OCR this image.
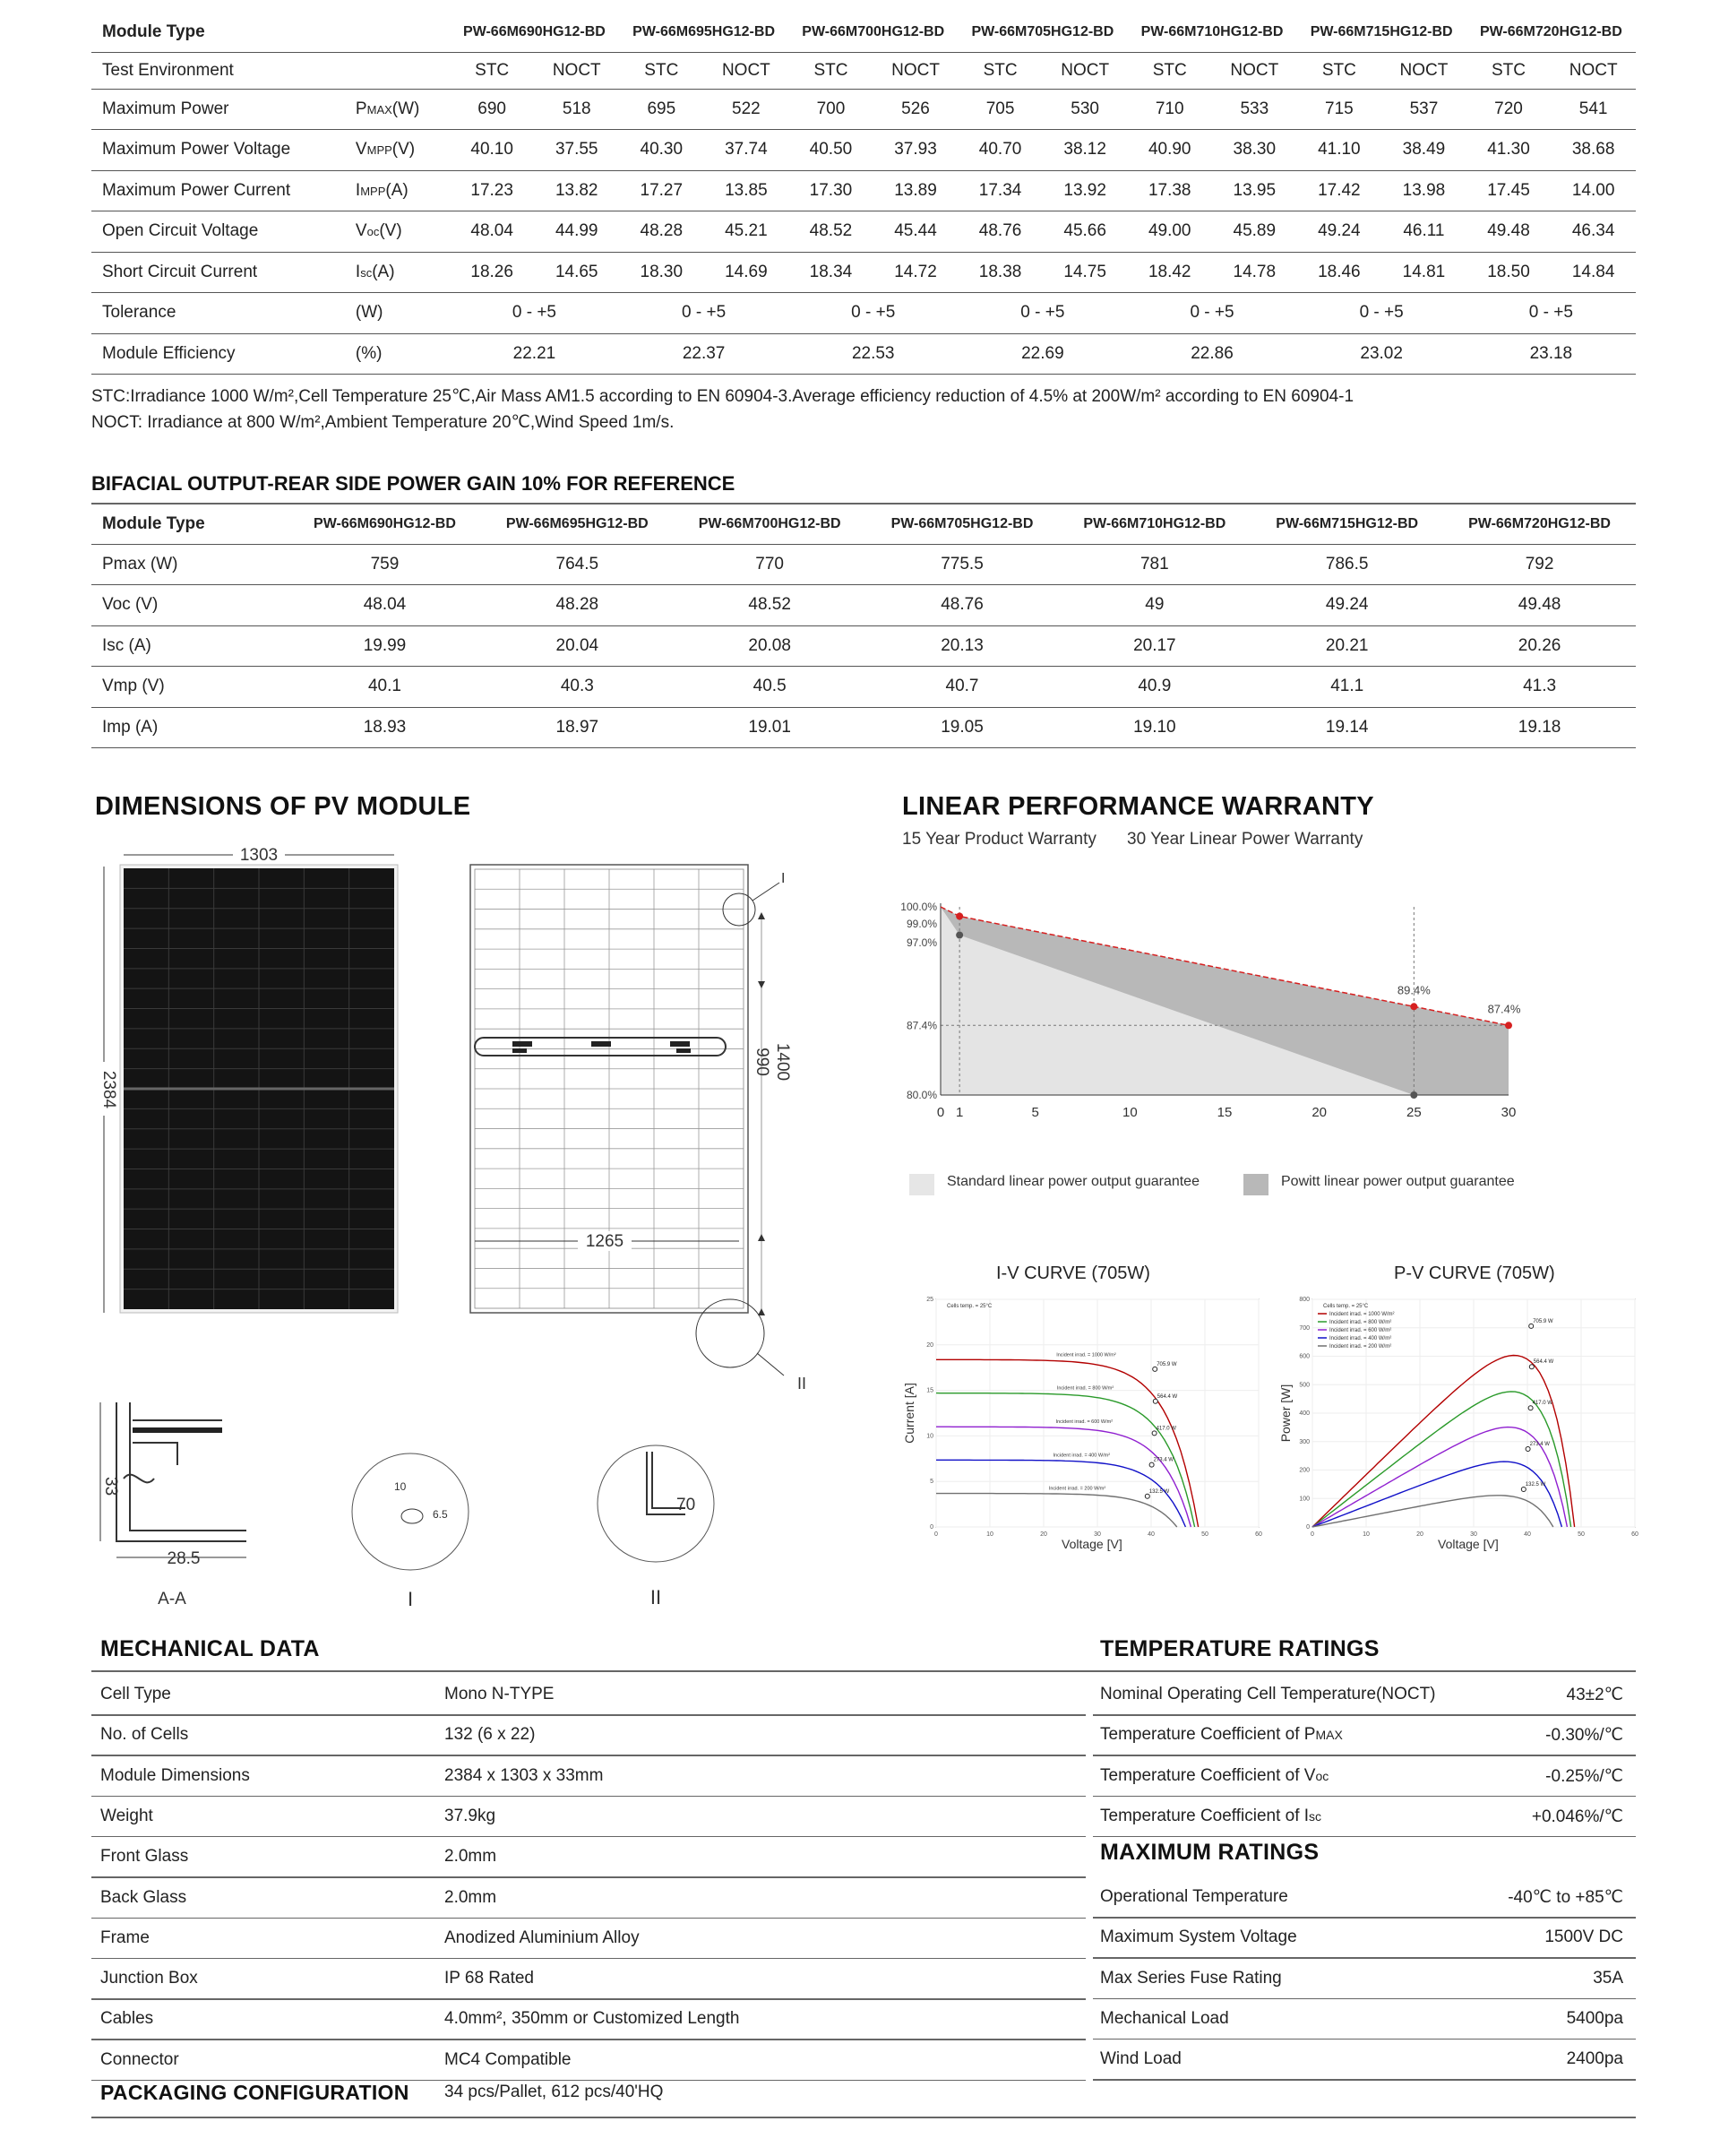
Module Type		PW-66M690HG12-BD		PW-66M695HG12-BD		PW-66M700HG12-BD		PW-66M705HG12-BD		PW-66M710HG12-BD		PW-66M715HG12-BD		PW-66M720HG12-BD	
Test Environment		STC	NOCT	STC	NOCT	STC	NOCT	STC	NOCT	STC	NOCT	STC	NOCT	STC	NOCT
Maximum Power	PMAX(W)	690	518	695	522	700	526	705	530	710	533	715	537	720	541
Maximum Power Voltage	VMPP(V)	40.10	37.55	40.30	37.74	40.50	37.93	40.70	38.12	40.90	38.30	41.10	38.49	41.30	38.68
Maximum Power Current	IMPP(A)	17.23	13.82	17.27	13.85	17.30	13.89	17.34	13.92	17.38	13.95	17.42	13.98	17.45	14.00
Open Circuit Voltage	Voc(V)	48.04	44.99	48.28	45.21	48.52	45.44	48.76	45.66	49.00	45.89	49.24	46.11	49.48	46.34
Short Circuit Current	Isc(A)	18.26	14.65	18.30	14.69	18.34	14.72	18.38	14.75	18.42	14.78	18.46	14.81	18.50	14.84
Tolerance	(W)	0 - +5		0 - +5		0 - +5		0 - +5		0 - +5		0 - +5		0 - +5	
Module Efficiency	(%)	22.21		22.37		22.53		22.69		22.86		23.02		23.18	
STC:Irradiance 1000 W/m²,Cell Temperature 25℃,Air Mass AM1.5 according to EN 60904-3.Average efficiency reduction of 4.5% at 200W/m² according to EN 60904-1
NOCT: Irradiance at 800 W/m²,Ambient Temperature 20℃,Wind Speed 1m/s.
BIFACIAL OUTPUT-REAR SIDE POWER GAIN 10% FOR REFERENCE
Module Type	PW-66M690HG12-BD	PW-66M695HG12-BD	PW-66M700HG12-BD	PW-66M705HG12-BD	PW-66M710HG12-BD	PW-66M715HG12-BD	PW-66M720HG12-BD
Pmax (W)	759	764.5	770	775.5	781	786.5	792
Voc (V)	48.04	48.28	48.52	48.76	49	49.24	49.48
Isc (A)	19.99	20.04	20.08	20.13	20.17	20.21	20.26
Vmp (V)	40.1	40.3	40.5	40.7	40.9	41.1	41.3
Imp (A)	18.93	18.97	19.01	19.05	19.10	19.14	19.18
DIMENSIONS OF PV MODULE
1303
2384
I
II
1400
990
1265
33
28.5
A-A
10
6.5
I
70
II
LINEAR PERFORMANCE WARRANTY
15 Year Product Warranty 30 Year Linear Power Warranty
89.4%
87.4%
100.0%
99.0%
97.0%
87.4%
80.0%
0 1	5	10	15	20	25	30
Standard linear power output guarantee	Powitt linear power output guarantee
I-V CURVE (705W)
0	10	20	30	40	50	60
0
5
10
15
20
25
Voltage [V]
Current [A]
Cells temp. = 25°C
705.9 W
Incident irrad. = 1000 W/m²
564.4 W
Incident irrad. = 800 W/m²
417.0 W
Incident irrad. = 600 W/m²
273.4 W
Incident irrad. = 400 W/m²
132.5 W
Incident irrad. = 200 W/m²
P-V CURVE (705W)
0	10	20	30	40	50	60
0
100
200
300
400
500
600
700
800
Voltage [V]
Power [W]
Cells temp. = 25°C
705.9 W
Incident irrad. = 1000 W/m²
564.4 W
Incident irrad. = 800 W/m²
417.0 W
Incident irrad. = 600 W/m²
273.4 W
Incident irrad. = 400 W/m²
132.5 W
Incident irrad. = 200 W/m²
MECHANICAL DATA
Cell Type	Mono N-TYPE
No. of Cells	132 (6 x 22)
Module Dimensions	2384 x 1303 x 33mm
Weight	37.9kg
Front Glass	2.0mm
Back Glass	2.0mm
Frame	Anodized Aluminium Alloy
Junction Box	IP 68 Rated
Cables	4.0mm², 350mm or Customized Length
Connector	MC4 Compatible
PACKAGING CONFIGURATION 34 pcs/Pallet, 612 pcs/40'HQ
TEMPERATURE RATINGS
Nominal Operating Cell Temperature(NOCT)	43±2℃
Temperature Coefficient of PMAX	-0.30%/℃
Temperature Coefficient of Voc	-0.25%/℃
Temperature Coefficient of Isc	+0.046%/℃
MAXIMUM RATINGS
Operational Temperature	-40℃ to +85℃
Maximum System Voltage	1500V DC
Max Series Fuse Rating	35A
Mechanical Load	5400pa
Wind Load	2400pa
